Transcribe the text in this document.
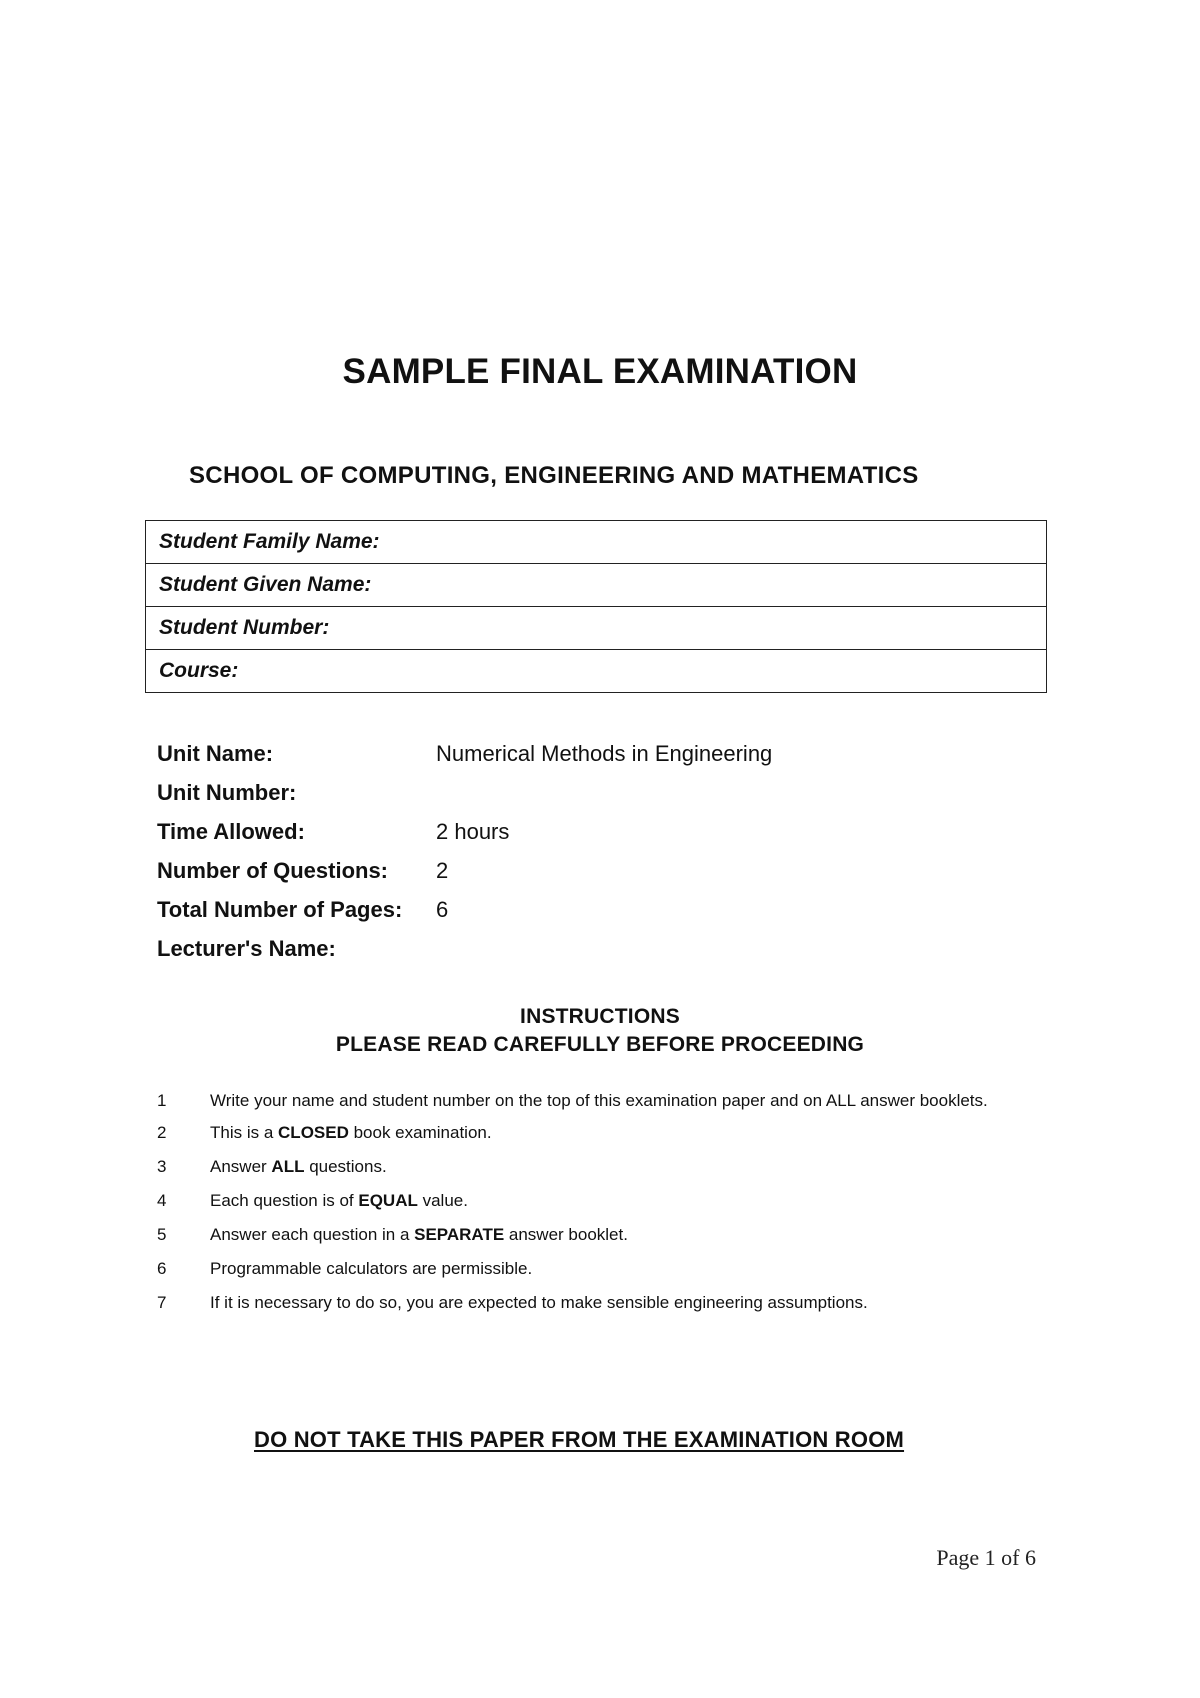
SAMPLE FINAL EXAMINATION
SCHOOL OF COMPUTING, ENGINEERING AND MATHEMATICS
Student Family Name:
Student Given Name:
Student Number:
Course:
Unit Name:	Numerical Methods in Engineering
Unit Number:
Time Allowed:	2 hours
Number of Questions:	2
Total Number of Pages:	6
Lecturer's Name:
INSTRUCTIONS
PLEASE READ CAREFULLY BEFORE PROCEEDING
1	Write your name and student number on the top of this examination paper and on ALL answer booklets.
2	This is a CLOSED book examination.
3	Answer ALL questions.
4	Each question is of EQUAL value.
5	Answer each question in a SEPARATE answer booklet.
6	Programmable calculators are permissible.
7	If it is necessary to do so, you are expected to make sensible engineering assumptions.
DO NOT TAKE THIS PAPER FROM THE EXAMINATION ROOM
Page 1 of 6
